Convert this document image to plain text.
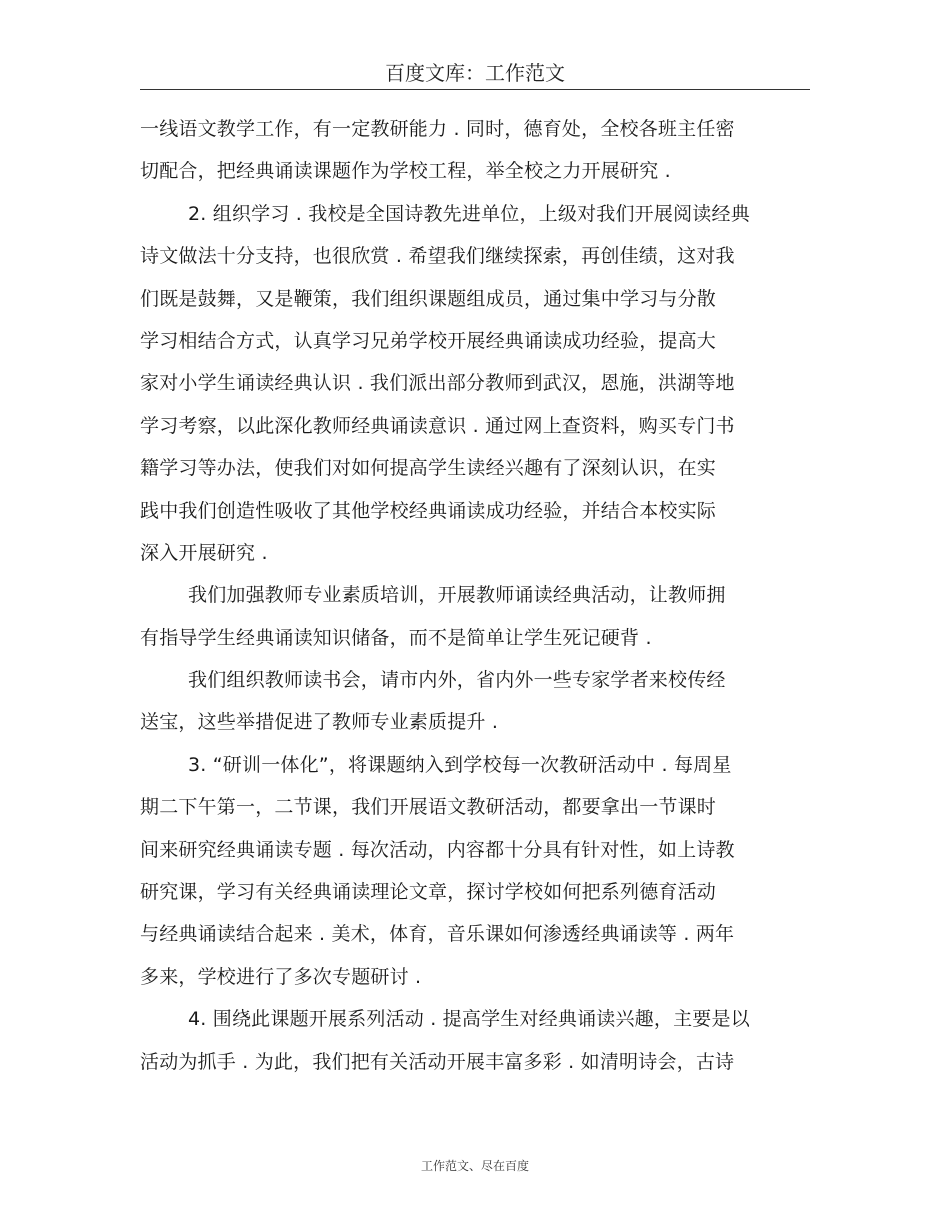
百度文库：工作范文
一线语文教学工作，有一定教研能力 . 同时，德育处，全校各班主任密
切配合，把经典诵读课题作为学校工程，举全校之力开展研究 .
2. 组织学习 . 我校是全国诗教先进单位，上级对我们开展阅读经典
诗文做法十分支持，也很欣赏 . 希望我们继续探索，再创佳绩，这对我
们既是鼓舞，又是鞭策，我们组织课题组成员，通过集中学习与分散
学习相结合方式，认真学习兄弟学校开展经典诵读成功经验，提高大
家对小学生诵读经典认识 . 我们派出部分教师到武汉，恩施，洪湖等地
学习考察，以此深化教师经典诵读意识 . 通过网上查资料，购买专门书
籍学习等办法，使我们对如何提高学生读经兴趣有了深刻认识，在实
践中我们创造性吸收了其他学校经典诵读成功经验，并结合本校实际
深入开展研究 .
我们加强教师专业素质培训，开展教师诵读经典活动，让教师拥
有指导学生经典诵读知识储备，而不是简单让学生死记硬背 .
我们组织教师读书会，请市内外，省内外一些专家学者来校传经
送宝，这些举措促进了教师专业素质提升 .
3. “研训一体化”，将课题纳入到学校每一次教研活动中 . 每周星
期二下午第一，二节课，我们开展语文教研活动，都要拿出一节课时
间来研究经典诵读专题 . 每次活动，内容都十分具有针对性，如上诗教
研究课，学习有关经典诵读理论文章，探讨学校如何把系列德育活动
与经典诵读结合起来 . 美术，体育，音乐课如何渗透经典诵读等 . 两年
多来，学校进行了多次专题研讨 .
4. 围绕此课题开展系列活动 . 提高学生对经典诵读兴趣，主要是以
活动为抓手 . 为此，我们把有关活动开展丰富多彩 . 如清明诗会，古诗
工作范文、尽在百度
